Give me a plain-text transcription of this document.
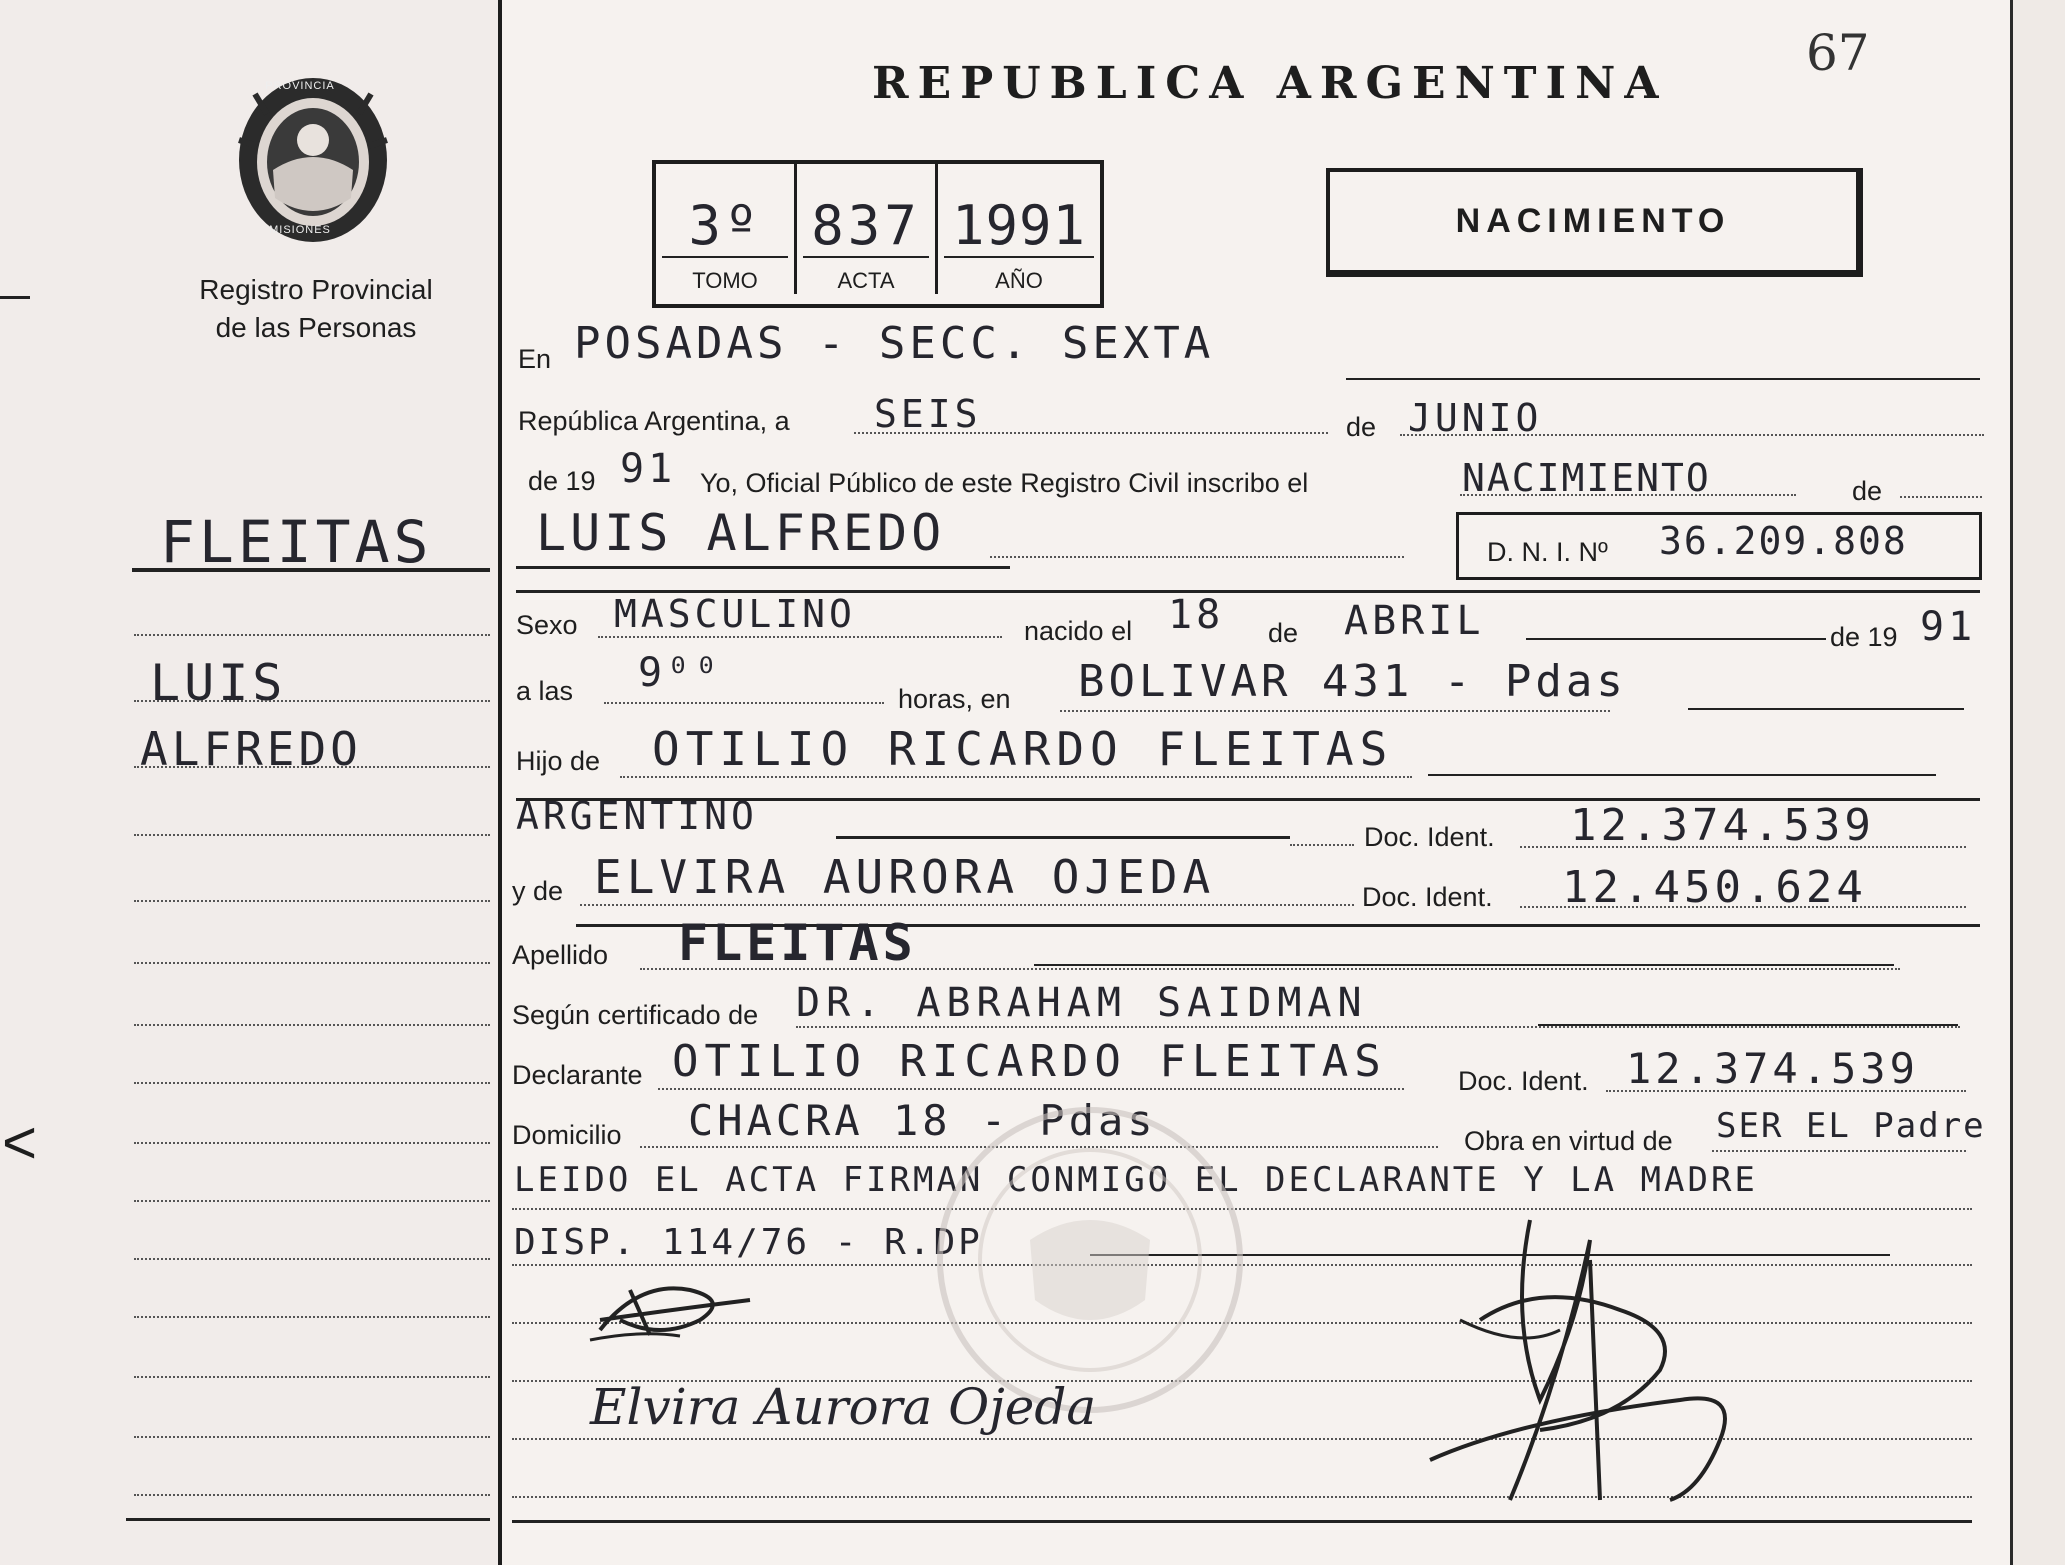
PROVINCIA
MISIONES
Registro Provincial
de las Personas
FLEITAS
LUIS
ALFREDO
<
67
REPUBLICA ARGENTINA
3º
TOMO
837
ACTA
1991
AÑO
NACIMIENTO
En POSADAS - SECC. SEXTA
República Argentina, a SEIS	de JUNIO
de 19 91 Yo, Oficial Público de este Registro Civil inscribo el	NACIMIENTO	de
LUIS ALFREDO	D. N. I. Nº 36.209.808
Sexo MASCULINO	nacido el 18 de ABRIL	de 19 91
a las 9⁰⁰
horas, en BOLIVAR 431 - Pdas
Hijo de OTILIO RICARDO FLEITAS
ARGENTINO	Doc. Ident. 12.374.539
y de ELVIRA AURORA OJEDA	Doc. Ident. 12.450.624
Apellido FLEITAS
Según certificado de DR. ABRAHAM SAIDMAN
Declarante OTILIO RICARDO FLEITAS	Doc. Ident. 12.374.539
Domicilio CHACRA 18 - Pdas	Obra en virtud de SER EL Padre
LEIDO EL ACTA FIRMAN CONMIGO EL DECLARANTE Y LA MADRE
DISP. 114/76 - R.DP
Elvira Aurora Ojeda
